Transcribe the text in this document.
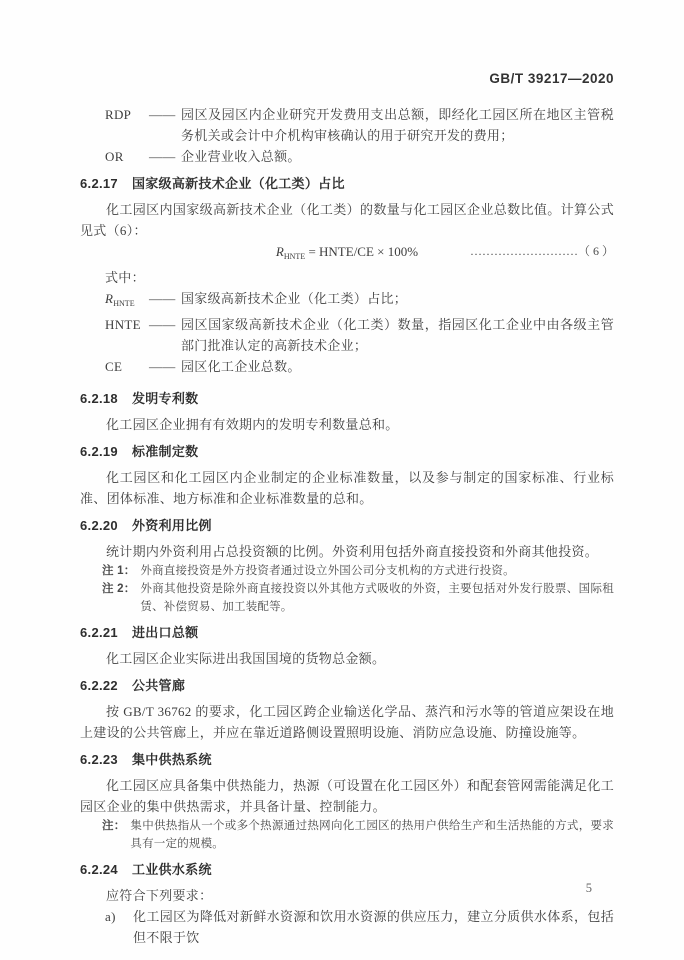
GB/T 39217—2020
RDP	—— 园区及园区内企业研究开发费用支出总额，即经化工园区所在地区主管税务机关或会计中介机构审核确认的用于研究开发的费用；
OR	—— 企业营业收入总额。
6.2.17 国家级高新技术企业（化工类）占比

化工园区内国家级高新技术企业（化工类）的数量与化工园区企业总数比值。计算公式见式（6）：

$R_{HNTE}$ = HNTE/CE × 100%	………………………（ 6 ）
式中：
$R_{HNTE}$	—— 国家级高新技术企业（化工类）占比；
HNTE —— 园区国家级高新技术企业（化工类）数量，指园区化工企业中由各级主管部门批准认定的高新技术企业；
CE	—— 园区化工企业总数。
6.2.18 发明专利数

化工园区企业拥有有效期内的发明专利数量总和。

6.2.19 标准制定数

化工园区和化工园区内企业制定的企业标准数量，以及参与制定的国家标准、行业标准、团体标准、地方标准和企业标准数量的总和。

6.2.20 外资利用比例

统计期内外资利用占总投资额的比例。外资利用包括外商直接投资和外商其他投资。

注 1： 外商直接投资是外方投资者通过设立外国公司分支机构的方式进行投资。
注 2： 外商其他投资是除外商直接投资以外其他方式吸收的外资，主要包括对外发行股票、国际租赁、补偿贸易、加工装配等。
6.2.21 进出口总额

化工园区企业实际进出我国国境的货物总金额。

6.2.22 公共管廊

按 GB/T 36762 的要求，化工园区跨企业输送化学品、蒸汽和污水等的管道应架设在地上建设的公共管廊上，并应在靠近道路侧设置照明设施、消防应急设施、防撞设施等。

6.2.23 集中供热系统

化工园区应具备集中供热能力，热源（可设置在化工园区外）和配套管网需能满足化工园区企业的集中供热需求，并具备计量、控制能力。

注： 集中供热指从一个或多个热源通过热网向化工园区的热用户供给生产和生活热能的方式，要求具有一定的规模。
6.2.24 工业供水系统

应符合下列要求：

a)	化工园区为降低对新鲜水资源和饮用水资源的供应压力，建立分质供水体系，包括但不限于饮
5
